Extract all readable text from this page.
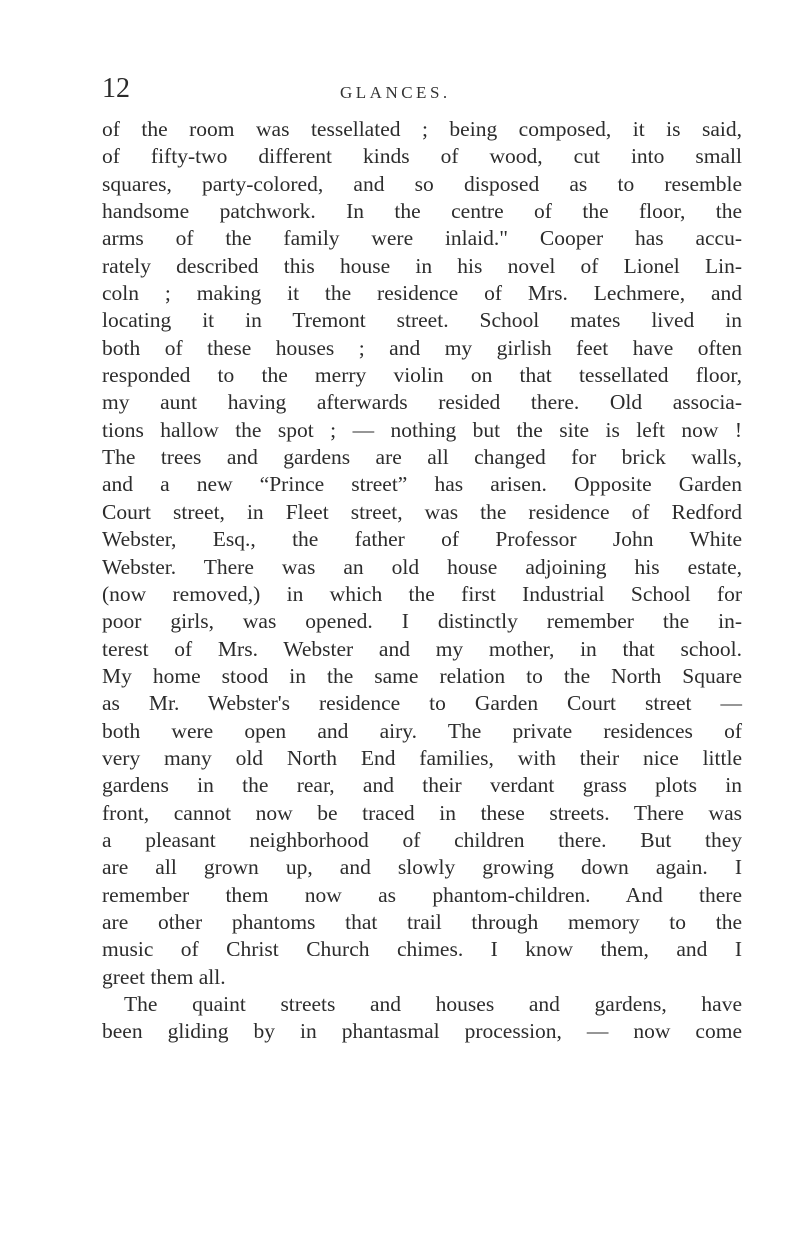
12	GLANCES.
of the room was tessellated ; being composed, it is said,
of fifty-two different kinds of wood, cut into small
squares, party-colored, and so disposed as to resemble
handsome patchwork. In the centre of the floor, the
arms of the family were inlaid." Cooper has accu-
rately described this house in his novel of Lionel Lin-
coln ; making it the residence of Mrs. Lechmere, and
locating it in Tremont street. School mates lived in
both of these houses ; and my girlish feet have often
responded to the merry violin on that tessellated floor,
my aunt having afterwards resided there. Old associa-
tions hallow the spot ; — nothing but the site is left now !
The trees and gardens are all changed for brick walls,
and a new “Prince street” has arisen. Opposite Garden
Court street, in Fleet street, was the residence of Redford
Webster, Esq., the father of Professor John White
Webster. There was an old house adjoining his estate,
(now removed,) in which the first Industrial School for
poor girls, was opened. I distinctly remember the in-
terest of Mrs. Webster and my mother, in that school.
My home stood in the same relation to the North Square
as Mr. Webster's residence to Garden Court street —
both were open and airy. The private residences of
very many old North End families, with their nice little
gardens in the rear, and their verdant grass plots in
front, cannot now be traced in these streets. There was
a pleasant neighborhood of children there. But they
are all grown up, and slowly growing down again. I
remember them now as phantom-children. And there
are other phantoms that trail through memory to the
music of Christ Church chimes. I know them, and I
greet them all.
The quaint streets and houses and gardens, have
been gliding by in phantasmal procession, — now come
